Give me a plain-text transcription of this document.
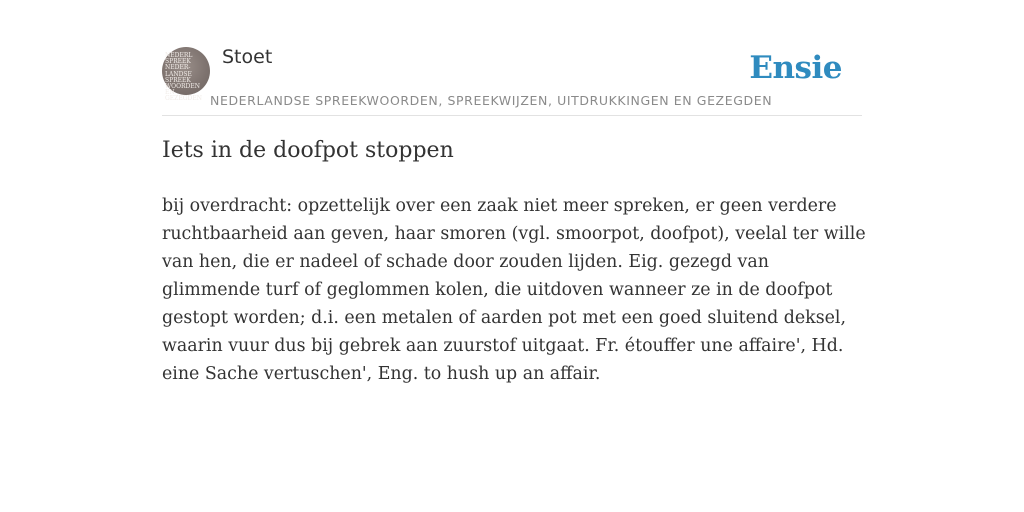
NEDERL SPREEK
NEDER-
LANDSE
SPREEK
WOORDEN EN
GEZEGDEN
Stoet	Ensie
NEDERLANDSE SPREEKWOORDEN, SPREEKWIJZEN, UITDRUKKINGEN EN GEZEGDEN
Iets in de doofpot stoppen

bij overdracht: opzettelijk over een zaak niet meer spreken, er geen verdere ruchtbaarheid aan geven, haar smoren (vgl. smoorpot, doofpot), veelal ter wille van hen, die er nadeel of schade door zouden lijden. Eig. gezegd van glimmende turf of geglommen kolen, die uitdoven wanneer ze in de doofpot gestopt worden; d.i. een metalen of aarden pot met een goed sluitend deksel, waarin vuur dus bij gebrek aan zuurstof uitgaat. Fr. étouffer une affaire', Hd. eine Sache vertuschen', Eng. to hush up an affair.
